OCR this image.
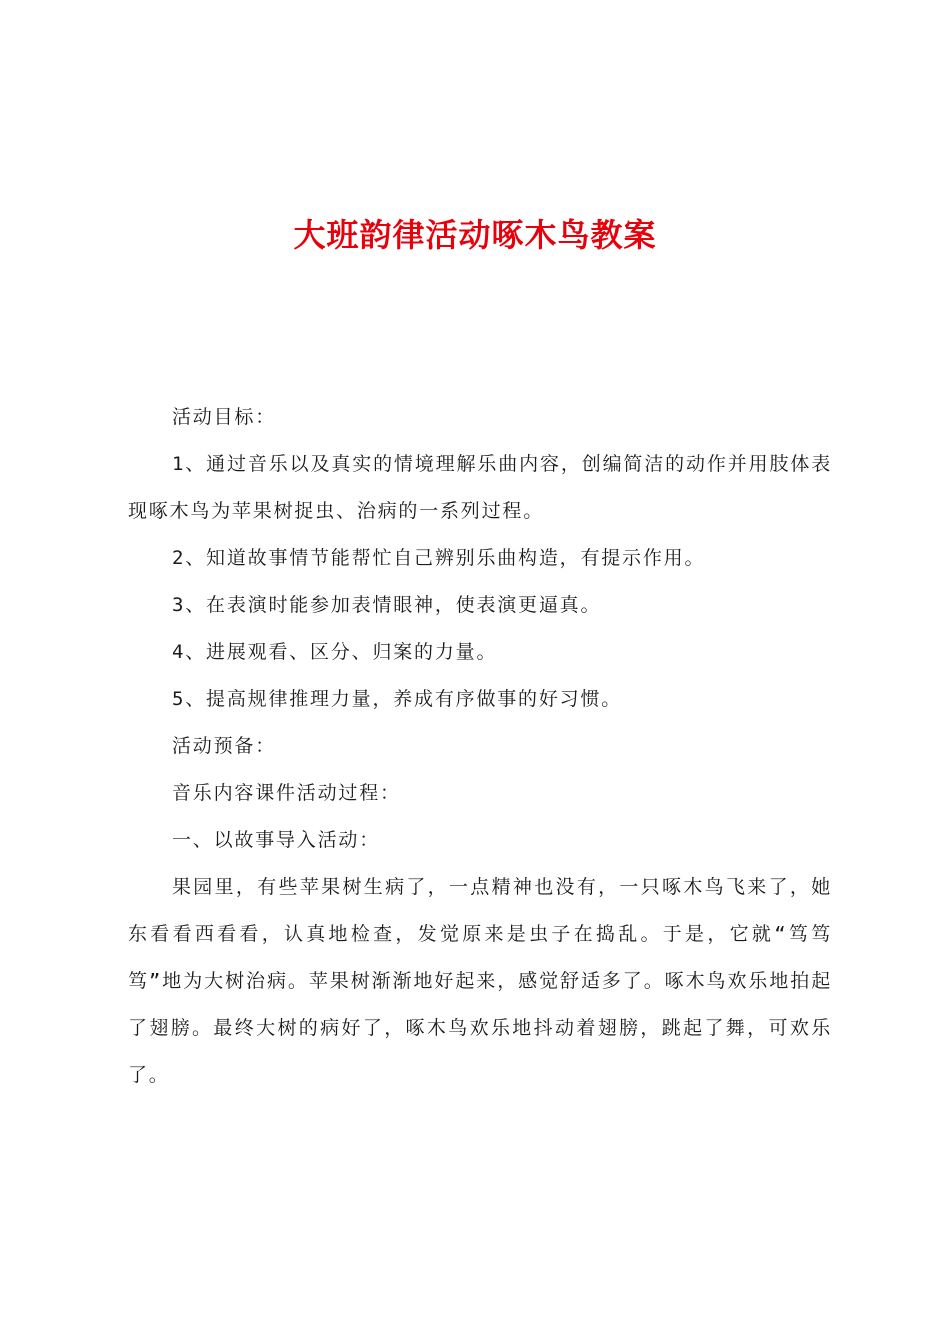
大班韵律活动啄木鸟教案

活动目标：

1、通过音乐以及真实的情境理解乐曲内容，创编简洁的动作并用肢体表现啄木鸟为苹果树捉虫、治病的一系列过程。

2、知道故事情节能帮忙自己辨别乐曲构造，有提示作用。

3、在表演时能参加表情眼神，使表演更逼真。

4、进展观看、区分、归案的力量。

5、提高规律推理力量，养成有序做事的好习惯。

活动预备：

音乐内容课件活动过程：

一、以故事导入活动：

果园里，有些苹果树生病了，一点精神也没有，一只啄木鸟飞来了，她东看看西看看，认真地检查，发觉原来是虫子在捣乱。于是，它就“笃笃笃”地为大树治病。苹果树渐渐地好起来，感觉舒适多了。啄木鸟欢乐地拍起了翅膀。最终大树的病好了，啄木鸟欢乐地抖动着翅膀，跳起了舞，可欢乐了。
